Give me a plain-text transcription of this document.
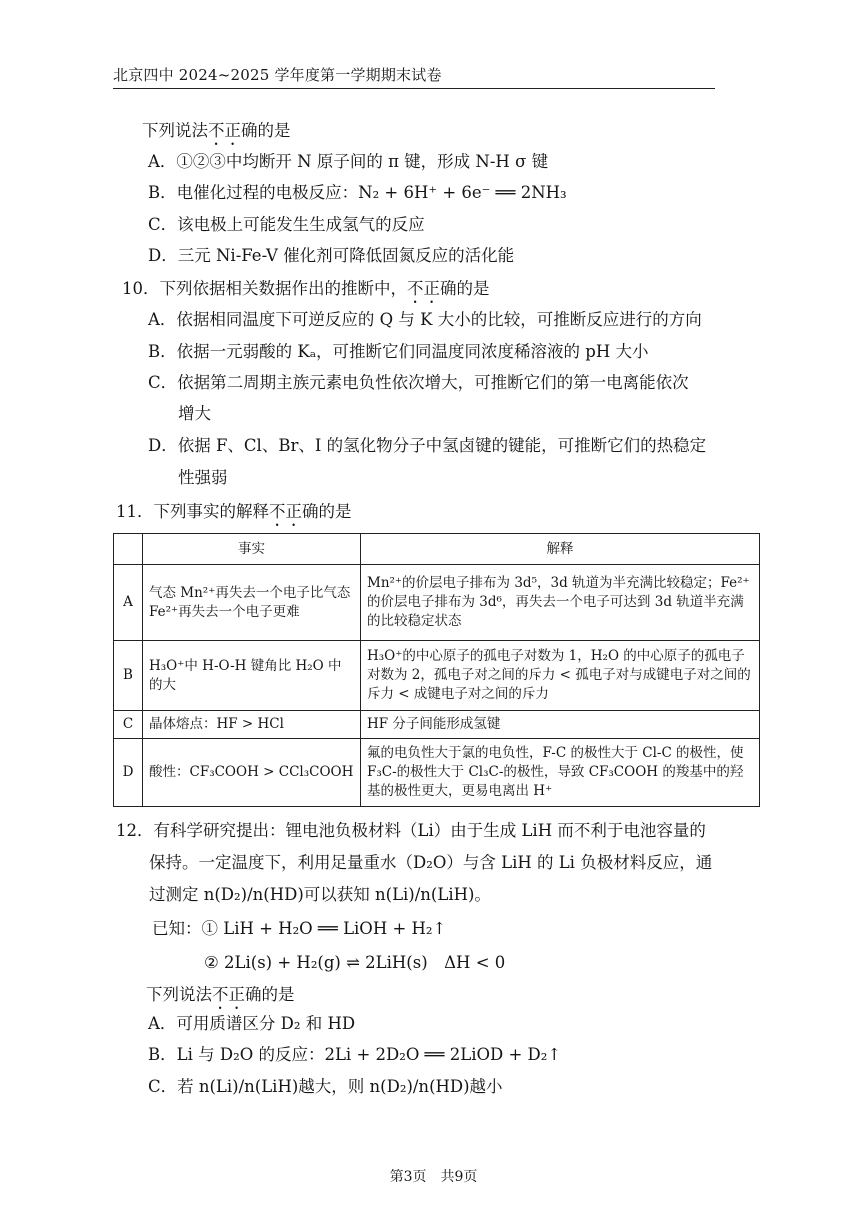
北京四中 2024~2025 学年度第一学期期末试卷
下列说法不正确的是
A．①②③中均断开 N 原子间的 π 键，形成 N-H σ 键
B．电催化过程的电极反应：N₂ + 6H⁺ + 6e⁻ ══ 2NH₃
C．该电极上可能发生生成氢气的反应
D．三元 Ni-Fe-V 催化剂可降低固氮反应的活化能
10．下列依据相关数据作出的推断中，不正确的是
A．依据相同温度下可逆反应的 Q 与 K 大小的比较，可推断反应进行的方向
B．依据一元弱酸的 Kₐ，可推断它们同温度同浓度稀溶液的 pH 大小
C．依据第二周期主族元素电负性依次增大，可推断它们的第一电离能依次
增大
D．依据 F、Cl、Br、I 的氢化物分子中氢卤键的键能，可推断它们的热稳定
性强弱
11．下列事实的解释不正确的是
	事实	解释
A	气态 Mn²⁺再失去一个电子比气态 Fe²⁺再失去一个电子更难	Mn²⁺的价层电子排布为 3d⁵，3d 轨道为半充满比较稳定；Fe²⁺的价层电子排布为 3d⁶，再失去一个电子可达到 3d 轨道半充满的比较稳定状态
B	H₃O⁺中 H-O-H 键角比 H₂O 中的大	H₃O⁺的中心原子的孤电子对数为 1，H₂O 的中心原子的孤电子对数为 2，孤电子对之间的斥力 < 孤电子对与成键电子对之间的斥力 < 成键电子对之间的斥力
C	晶体熔点：HF > HCl	HF 分子间能形成氢键
D	酸性：CF₃COOH > CCl₃COOH	氟的电负性大于氯的电负性，F-C 的极性大于 Cl-C 的极性，使 F₃C-的极性大于 Cl₃C-的极性，导致 CF₃COOH 的羧基中的羟基的极性更大，更易电离出 H⁺
12．有科学研究提出：锂电池负极材料（Li）由于生成 LiH 而不利于电池容量的
保持。一定温度下，利用足量重水（D₂O）与含 LiH 的 Li 负极材料反应，通
过测定 n(D₂)/n(HD)可以获知 n(Li)/n(LiH)。
已知：① LiH + H₂O ══ LiOH + H₂↑
② 2Li(s) + H₂(g) ⇌ 2LiH(s)　ΔH < 0
下列说法不正确的是
A．可用质谱区分 D₂ 和 HD
B．Li 与 D₂O 的反应：2Li + 2D₂O ══ 2LiOD + D₂↑
C．若 n(Li)/n(LiH)越大，则 n(D₂)/n(HD)越小
第3页　共9页
